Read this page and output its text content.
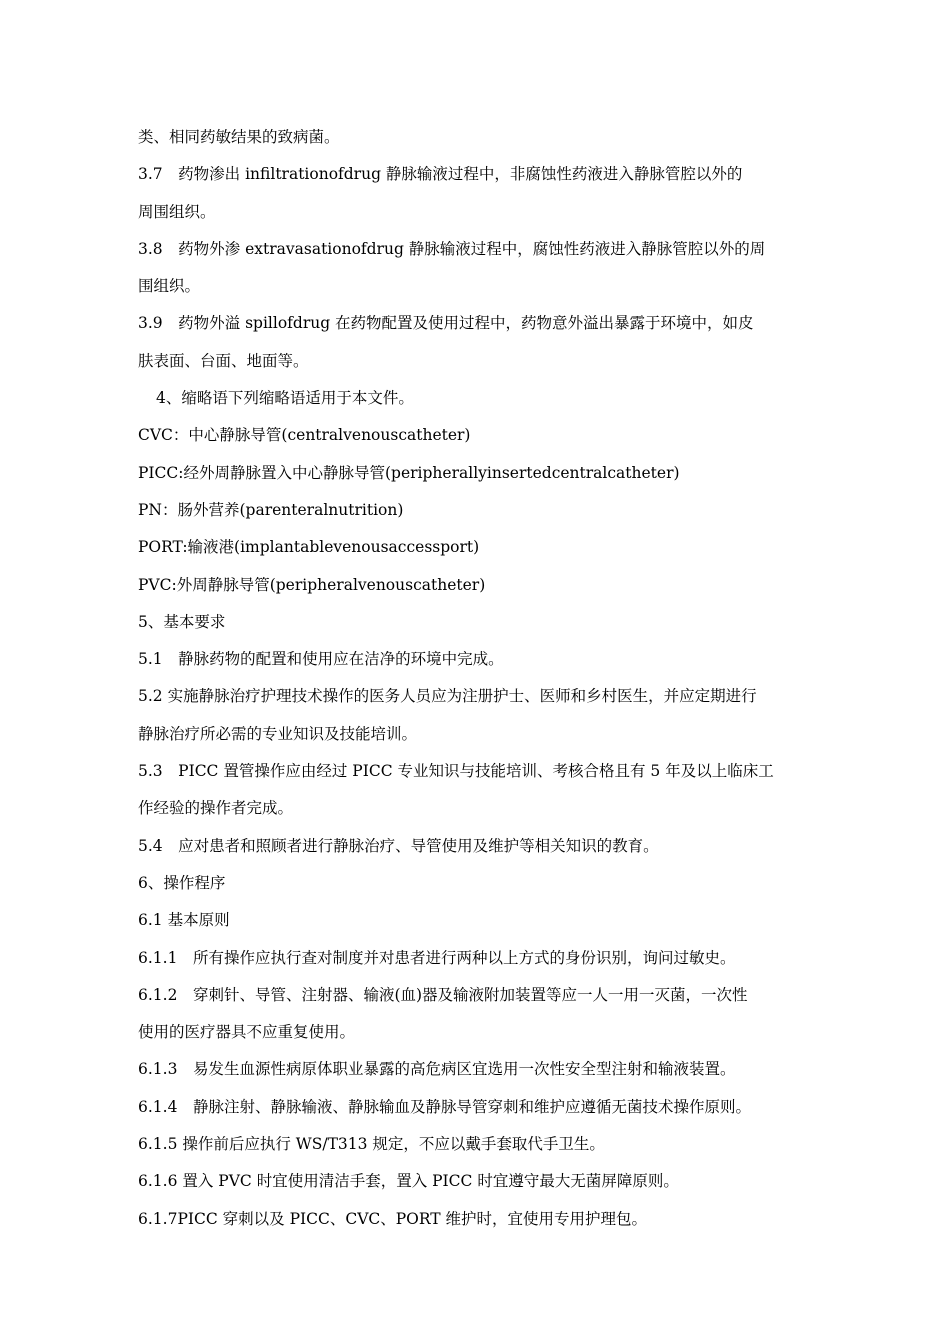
类、相同药敏结果的致病菌。
3.7　药物渗出 infiltrationofdrug 静脉输液过程中，非腐蚀性药液进入静脉管腔以外的
周围组织。
3.8　药物外渗 extravasationofdrug 静脉输液过程中，腐蚀性药液进入静脉管腔以外的周
围组织。
3.9　药物外溢 spillofdrug 在药物配置及使用过程中，药物意外溢出暴露于环境中，如皮
肤表面、台面、地面等。
4、缩略语下列缩略语适用于本文件。
CVC：中心静脉导管(centralvenouscatheter)
PICC:经外周静脉置入中心静脉导管(peripherallyinsertedcentralcatheter)
PN：肠外营养(parenteralnutrition)
PORT:输液港(implantablevenousaccessport)
PVC:外周静脉导管(peripheralvenouscatheter)
5、基本要求
5.1　静脉药物的配置和使用应在洁净的环境中完成。
5.2 实施静脉治疗护理技术操作的医务人员应为注册护士、医师和乡村医生，并应定期进行
静脉治疗所必需的专业知识及技能培训。
5.3　PICC 置管操作应由经过 PICC 专业知识与技能培训、考核合格且有 5 年及以上临床工
作经验的操作者完成。
5.4　应对患者和照顾者进行静脉治疗、导管使用及维护等相关知识的教育。
6、操作程序
6.1 基本原则
6.1.1　所有操作应执行查对制度并对患者进行两种以上方式的身份识别，询问过敏史。
6.1.2　穿刺针、导管、注射器、输液(血)器及输液附加装置等应一人一用一灭菌，一次性
使用的医疗器具不应重复使用。
6.1.3　易发生血源性病原体职业暴露的高危病区宜选用一次性安全型注射和输液装置。
6.1.4　静脉注射、静脉输液、静脉输血及静脉导管穿刺和维护应遵循无菌技术操作原则。
6.1.5 操作前后应执行 WS/T313 规定，不应以戴手套取代手卫生。
6.1.6 置入 PVC 时宜使用清洁手套，置入 PICC 时宜遵守最大无菌屏障原则。
6.1.7PICC 穿刺以及 PICC、CVC、PORT 维护时，宜使用专用护理包。
